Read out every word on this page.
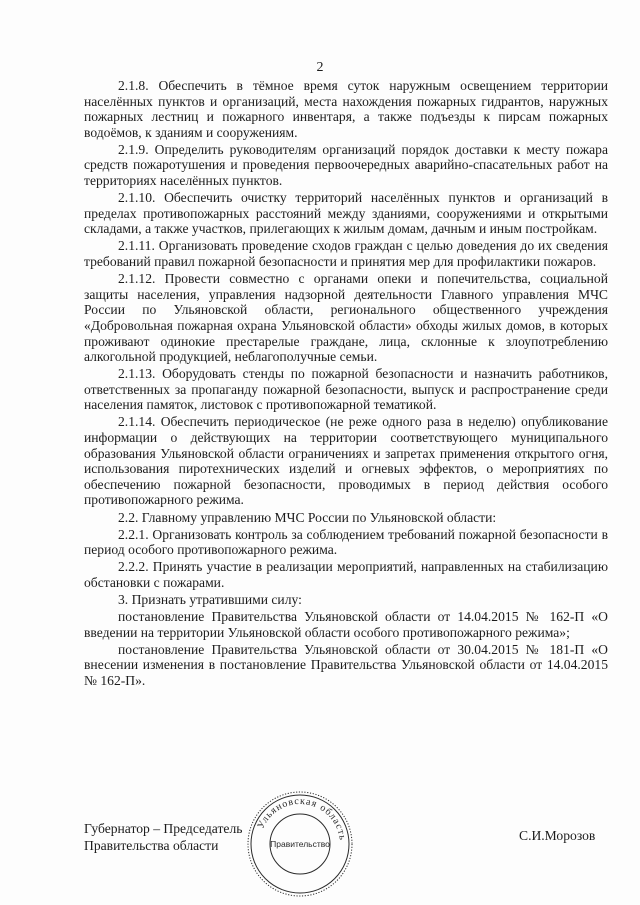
2

2.1.8. Обеспечить в тёмное время суток наружным освещением территории населённых пунктов и организаций, места нахождения пожарных гидрантов, наружных пожарных лестниц и пожарного инвентаря, а также подъезды к пирсам пожарных водоёмов, к зданиям и сооружениям.

2.1.9. Определить руководителям организаций порядок доставки к месту пожара средств пожаротушения и проведения первоочередных аварийно-спасательных работ на территориях населённых пунктов.

2.1.10. Обеспечить очистку территорий населённых пунктов и организаций в пределах противопожарных расстояний между зданиями, сооружениями и открытыми складами, а также участков, прилегающих к жилым домам, дачным и иным постройкам.

2.1.11. Организовать проведение сходов граждан с целью доведения до их сведения требований правил пожарной безопасности и принятия мер для профилактики пожаров.

2.1.12. Провести совместно с органами опеки и попечительства, социальной защиты населения, управления надзорной деятельности Главного управления МЧС России по Ульяновской области, регионального общественного учреждения «Добровольная пожарная охрана Ульяновской области» обходы жилых домов, в которых проживают одинокие престарелые граждане, лица, склонные к злоупотреблению алкогольной продукцией, неблагополучные семьи.

2.1.13. Оборудовать стенды по пожарной безопасности и назначить работников, ответственных за пропаганду пожарной безопасности, выпуск и распространение среди населения памяток, листовок с противопожарной тематикой.

2.1.14. Обеспечить периодическое (не реже одного раза в неделю) опубликование информации о действующих на территории соответствующего муниципального образования Ульяновской области ограничениях и запретах применения открытого огня, использования пиротехнических изделий и огневых эффектов, о мероприятиях по обеспечению пожарной безопасности, проводимых в период действия особого противопожарного режима.

2.2. Главному управлению МЧС России по Ульяновской области:

2.2.1. Организовать контроль за соблюдением требований пожарной безопасности в период особого противопожарного режима.

2.2.2. Принять участие в реализации мероприятий, направленных на стабилизацию обстановки с пожарами.

3. Признать утратившими силу:

постановление Правительства Ульяновской области от 14.04.2015 № 162-П «О введении на территории Ульяновской области особого противопожарного режима»;

постановление Правительства Ульяновской области от 30.04.2015 № 181-П «О внесении изменения в постановление Правительства Ульяновской области от 14.04.2015 № 162-П».

Губернатор – Председатель
Правительства области
Ульяновская область
Правительство
С.И.Морозов
